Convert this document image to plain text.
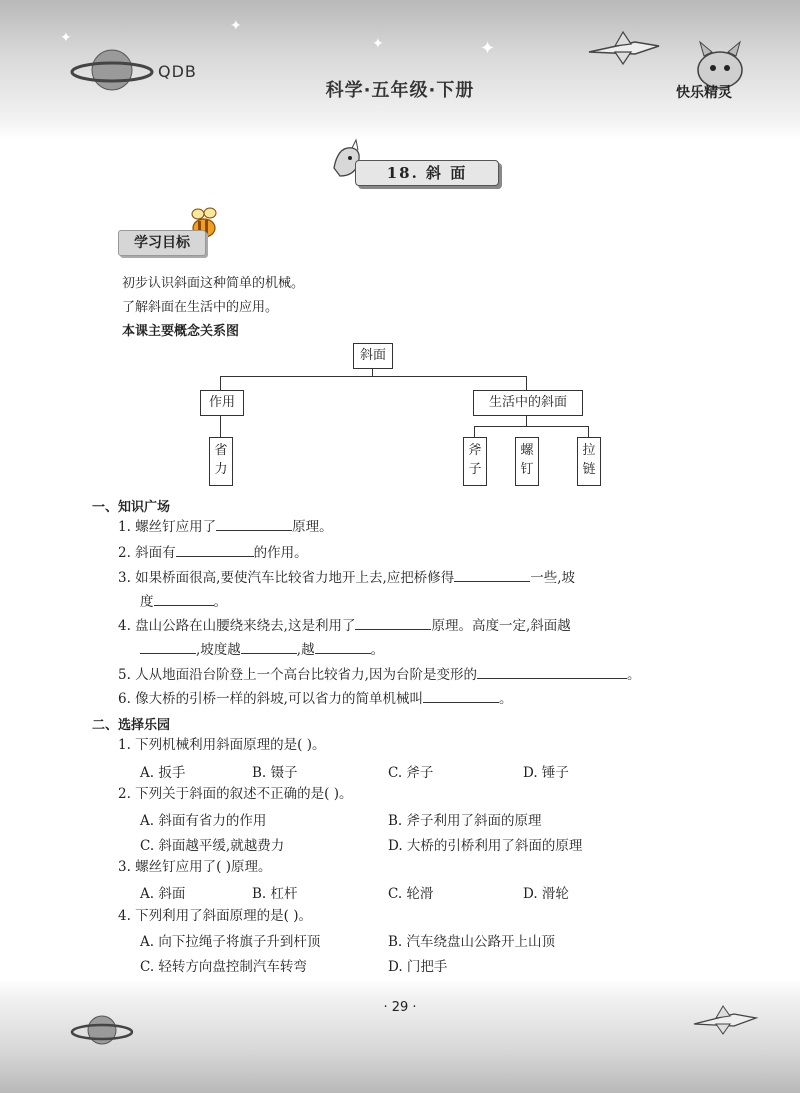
QDB
科学·五年级·下册
✦	✦	✦
✦
快乐精灵
18. 斜 面
学习目标
初步认识斜面这种简单的机械。
了解斜面在生活中的应用。
本课主要概念关系图
斜面
作用	生活中的斜面
省力
斧子
螺钉
拉链
一、知识广场
1. 螺丝钉应用了	原理。
2. 斜面有	的作用。
3. 如果桥面很高,要使汽车比较省力地开上去,应把桥修得	一些,坡
度	。
4. 盘山公路在山腰绕来绕去,这是利用了	原理。高度一定,斜面越
,坡度越	,越	。
5. 人从地面沿台阶登上一个高台比较省力,因为台阶是变形的	。
6. 像大桥的引桥一样的斜坡,可以省力的简单机械叫	。
二、选择乐园
1. 下列机械利用斜面原理的是( )。
A. 扳手	B. 镊子	C. 斧子	D. 锤子
2. 下列关于斜面的叙述不正确的是( )。
A. 斜面有省力的作用	B. 斧子利用了斜面的原理
C. 斜面越平缓,就越费力	D. 大桥的引桥利用了斜面的原理
3. 螺丝钉应用了( )原理。
A. 斜面	B. 杠杆	C. 轮滑	D. 滑轮
4. 下列利用了斜面原理的是( )。
A. 向下拉绳子将旗子升到杆顶	B. 汽车绕盘山公路开上山顶
C. 轻转方向盘控制汽车转弯	D. 门把手
· 29 ·
